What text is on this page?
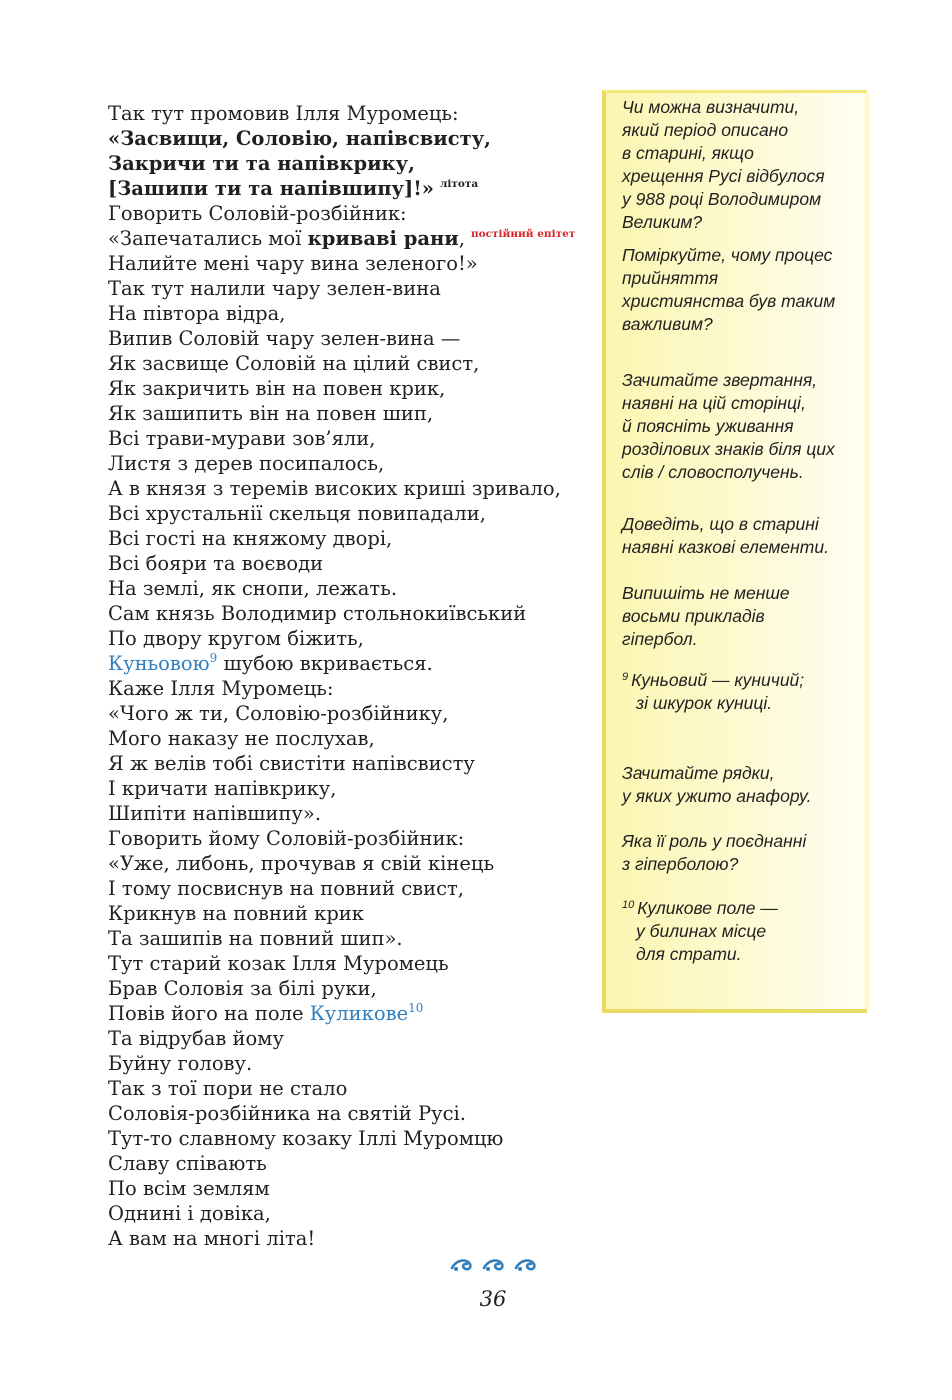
Так тут промовив Ілля Муромець:
«Засвищи, Соловію, напівсвисту,
Закричи ти та напівкрику,
[Зашипи ти та напівшипу]!» $^{літота}$
Говорить Соловій-розбійник:
«Запечатались мої криваві рани, $^{постійний епітет}$
Налийте мені чару вина зеленого!»
Так тут налили чару зелен-вина
На півтора відра,
Випив Соловій чару зелен-вина —
Як засвище Соловій на цілий свист,
Як закричить він на повен крик,
Як зашипить він на повен шип,
Всі трави-мурави зов’яли,
Листя з дерев посипалось,
А в князя з теремів високих криші зривало,
Всі хрустальнії скельця повипадали,
Всі гості на княжому дворі,
Всі бояри та воєводи
На землі, як снопи, лежать.
Сам князь Володимир стольнокиївський
По двору кругом біжить,
Куньовою$^9$ шубою вкривається.
Каже Ілля Муромець:
«Чого ж ти, Соловію-розбійнику,
Мого наказу не послухав,
Я ж велів тобі свистіти напівсвисту
І кричати напівкрику,
Шипіти напівшипу».
Говорить йому Соловій-розбійник:
«Уже, либонь, прочував я свій кінець
І тому посвиснув на повний свист,
Крикнув на повний крик
Та зашипів на повний шип».
Тут старий козак Ілля Муромець
Брав Соловія за білі руки,
Повів його на поле Куликове$^{10}$
Та відрубав йому
Буйну голову.
Так з тої пори не стало
Соловія-розбійника на святій Русі.
Тут-то славному козаку Іллі Муромцю
Славу співають
По всім землям
Однині і довіка,
А вам на многі літа!
Чи можна визначити,
який період описано
в старині, якщо
хрещення Русі відбулося
у 988 році Володимиром
Великим?
Поміркуйте, чому процес
прийняття
християнства був таким
важливим?
Зачитайте звертання,
наявні на цій сторінці,
й поясніть уживання
розділових знаків біля цих
слів / словосполучень.
Доведіть, що в старині
наявні казкові елементи.
Випишіть не менше
восьми прикладів
гіпербол.
$^9$ Куньовий — куничий;
зі шкурок куниці.
Зачитайте рядки,
у яких ужито анафору.
Яка її роль у поєднанні
з гіперболою?
$^{10}$ Куликове поле —
у билинах місце
для страти.
36
